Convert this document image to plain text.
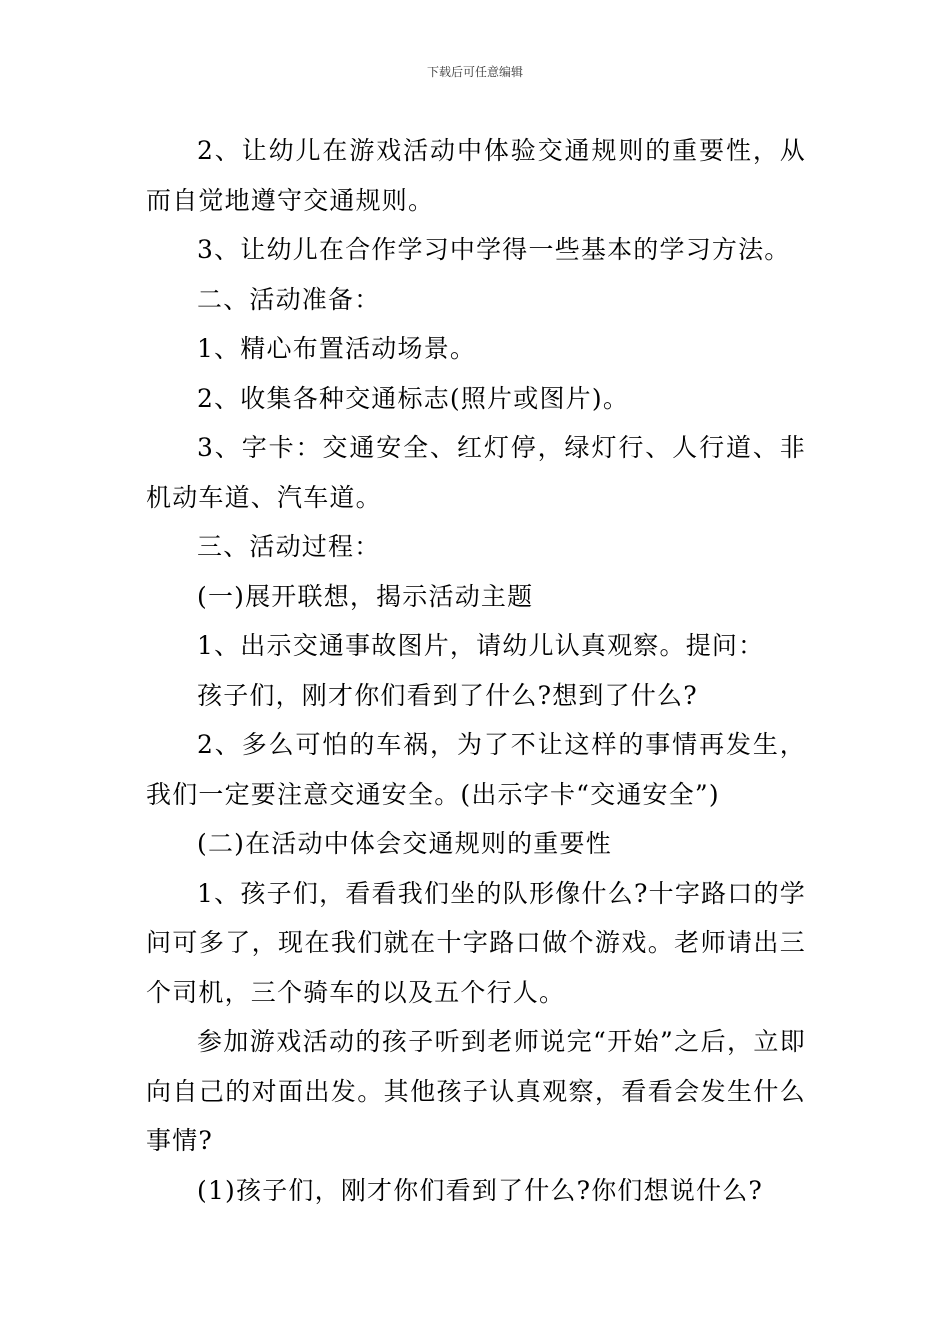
下载后可任意编辑

2、让幼儿在游戏活动中体验交通规则的重要性，从而自觉地遵守交通规则。

3、让幼儿在合作学习中学得一些基本的学习方法。

二、活动准备：

1、精心布置活动场景。

2、收集各种交通标志(照片或图片)。

3、字卡：交通安全、红灯停，绿灯行、人行道、非机动车道、汽车道。

三、活动过程：

(一)展开联想，揭示活动主题

1、出示交通事故图片，请幼儿认真观察。提问：

孩子们，刚才你们看到了什么?想到了什么?

2、多么可怕的车祸，为了不让这样的事情再发生，我们一定要注意交通安全。(出示字卡“交通安全”)

(二)在活动中体会交通规则的重要性

1、孩子们，看看我们坐的队形像什么?十字路口的学问可多了，现在我们就在十字路口做个游戏。老师请出三个司机，三个骑车的以及五个行人。

参加游戏活动的孩子听到老师说完“开始”之后，立即向自己的对面出发。其他孩子认真观察，看看会发生什么事情?

(1)孩子们，刚才你们看到了什么?你们想说什么?
